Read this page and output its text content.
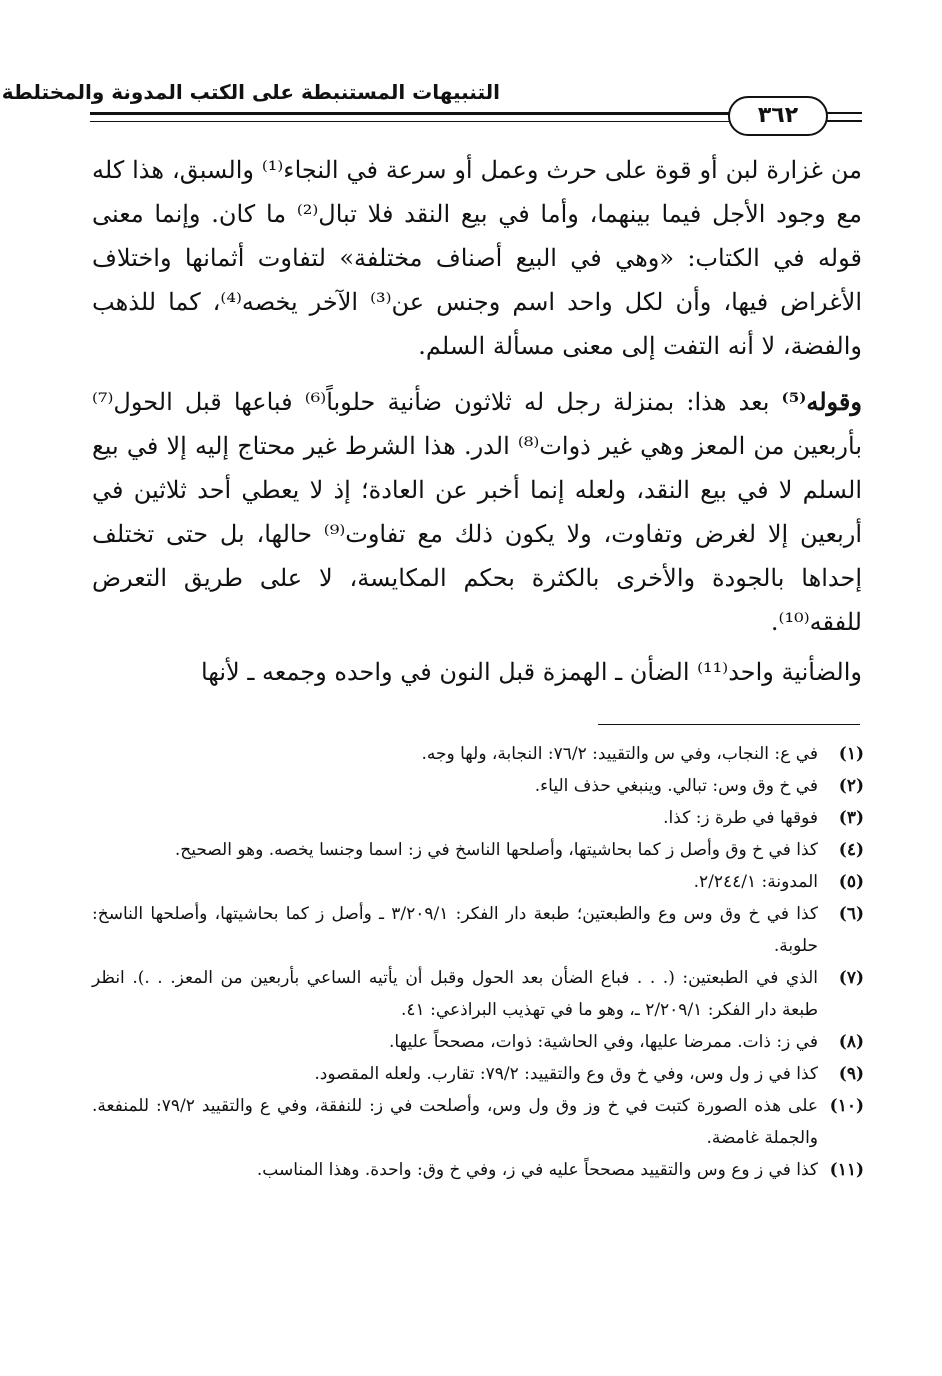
التنبيهات المستنبطة على الكتب المدونة والمختلطة
٣٦٢
من غزارة لبن أو قوة على حرث وعمل أو سرعة في النجاء⁽¹⁾ والسبق، هذا كله مع وجود الأجل فيما بينهما، وأما في بيع النقد فلا تبال⁽²⁾ ما كان. وإنما معنى قوله في الكتاب: «وهي في البيع أصناف مختلفة» لتفاوت أثمانها واختلاف الأغراض فيها، وأن لكل واحد اسم وجنس عن⁽³⁾ الآخر يخصه⁽⁴⁾، كما للذهب والفضة، لا أنه التفت إلى معنى مسألة السلم.
وقوله⁽⁵⁾ بعد هذا: بمنزلة رجل له ثلاثون ضأنية حلوباً⁽⁶⁾ فباعها قبل الحول⁽⁷⁾ بأربعين من المعز وهي غير ذوات⁽⁸⁾ الدر. هذا الشرط غير محتاج إليه إلا في بيع السلم لا في بيع النقد، ولعله إنما أخبر عن العادة؛ إذ لا يعطي أحد ثلاثين في أربعين إلا لغرض وتفاوت، ولا يكون ذلك مع تفاوت⁽⁹⁾ حالها، بل حتى تختلف إحداها بالجودة والأخرى بالكثرة بحكم المكايسة، لا على طريق التعرض للفقه⁽¹⁰⁾.
والضأنية واحد⁽¹¹⁾ الضأن ـ الهمزة قبل النون في واحده وجمعه ـ لأنها
(١)
في ع: النجاب، وفي س والتقييد: ٧٦/٢: النجابة، ولها وجه.
(٢)
في خ وق وس: تبالي. وينبغي حذف الياء.
(٣)
فوقها في طرة ز: كذا.
(٤)
كذا في خ وق وأصل ز كما بحاشيتها، وأصلحها الناسخ في ز: اسما وجنسا يخصه. وهو الصحيح.
(٥)
المدونة: ٢/٢٤٤/١.
(٦)
كذا في خ وق وس وع والطبعتين؛ طبعة دار الفكر: ٣/٢٠٩/١ ـ وأصل ز كما بحاشيتها، وأصلحها الناسخ: حلوبة.
(٧)
الذي في الطبعتين: (. . . فباع الضأن بعد الحول وقبل أن يأتيه الساعي بأربعين من المعز. . .). انظر طبعة دار الفكر: ٢/٢٠٩/١ ـ، وهو ما في تهذيب البراذعي: ٤١.
(٨)
في ز: ذات. ممرضا عليها، وفي الحاشية: ذوات، مصححاً عليها.
(٩)
كذا في ز ول وس، وفي خ وق وع والتقييد: ٧٩/٢: تقارب. ولعله المقصود.
(١٠)
على هذه الصورة كتبت في خ وز وق ول وس، وأصلحت في ز: للنفقة، وفي ع والتقييد ٧٩/٢: للمنفعة. والجملة غامضة.
(١١)
كذا في ز وع وس والتقييد مصححاً عليه في ز، وفي خ وق: واحدة. وهذا المناسب.
